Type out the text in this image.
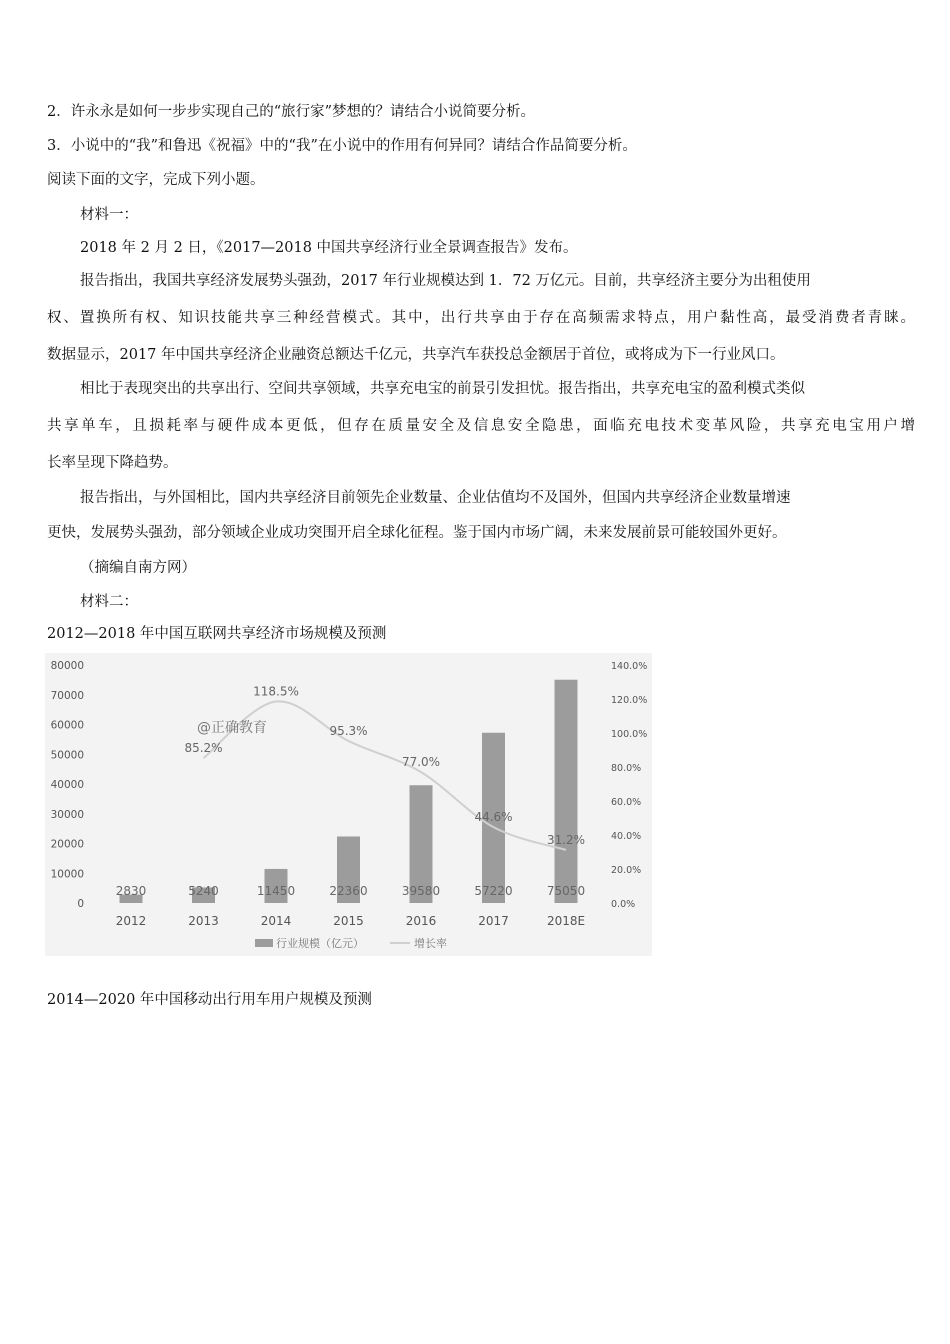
2．许永永是如何一步步实现自己的“旅行家”梦想的？请结合小说简要分析。
3．小说中的“我”和鲁迅《祝福》中的“我”在小说中的作用有何异同？请结合作品简要分析。
阅读下面的文字，完成下列小题。
材料一：
2018 年 2 月 2 日，《2017—2018 中国共享经济行业全景调查报告》发布。
报告指出，我国共享经济发展势头强劲，2017 年行业规模达到 1．72 万亿元。目前，共享经济主要分为出租使用
权、置换所有权、知识技能共享三种经营模式。其中，出行共享由于存在高频需求特点，用户黏性高，最受消费者青睐。
数据显示，2017 年中国共享经济企业融资总额达千亿元，共享汽车获投总金额居于首位，或将成为下一行业风口。
相比于表现突出的共享出行、空间共享领域，共享充电宝的前景引发担忧。报告指出，共享充电宝的盈利模式类似
共享单车，且损耗率与硬件成本更低，但存在质量安全及信息安全隐患，面临充电技术变革风险，共享充电宝用户增
长率呈现下降趋势。
报告指出，与外国相比，国内共享经济目前领先企业数量、企业估值均不及国外，但国内共享经济企业数量增速
更快，发展势头强劲，部分领域企业成功突围开启全球化征程。鉴于国内市场广阔，未来发展前景可能较国外更好。
（摘编自南方网）
材料二：
2012—2018 年中国互联网共享经济市场规模及预测
0
10000
20000
30000
40000
50000
60000
70000
80000
0.0%
20.0%
40.0%
60.0%
80.0%
100.0%
120.0%
140.0%
2830	5240	11450	22360	39580	57220	75050
85.2%
118.5%
95.3%
77.0%
44.6%
31.2%
2012	2013	2014	2015	2016	2017	2018E
@正确教育
行业规模（亿元）	增长率
2014—2020 年中国移动出行用车用户规模及预测
